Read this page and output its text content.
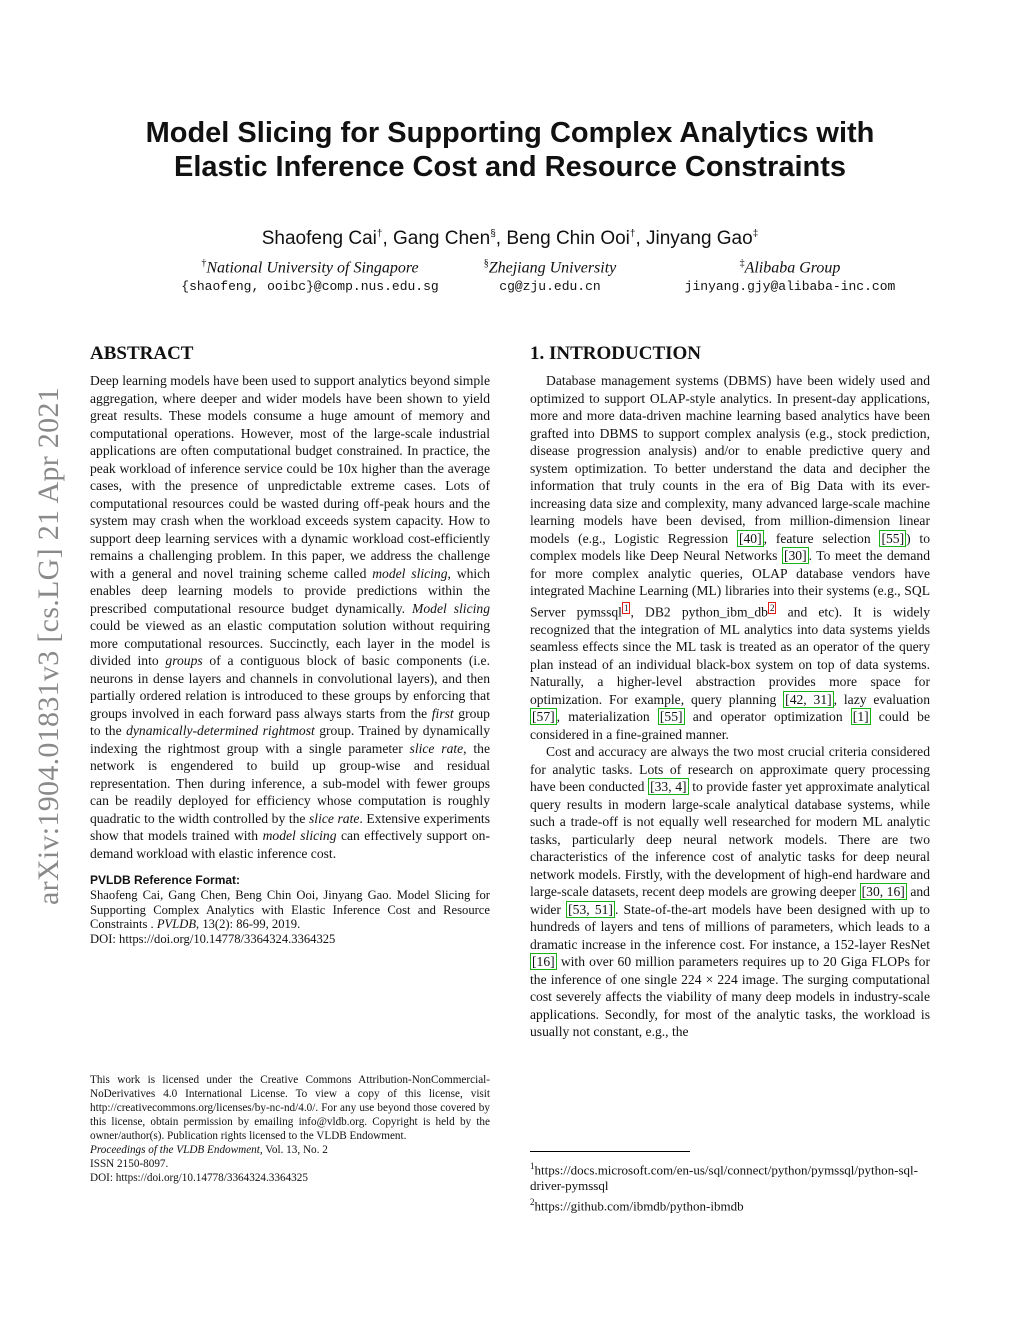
arXiv:1904.01831v3 [cs.LG] 21 Apr 2021
Model Slicing for Supporting Complex Analytics with
Elastic Inference Cost and Resource Constraints
Shaofeng Cai†, Gang Chen§, Beng Chin Ooi†, Jinyang Gao‡
†National University of Singapore
{shaofeng, ooibc}@comp.nus.edu.sg
§Zhejiang University
cg@zju.edu.cn
‡Alibaba Group
jinyang.gjy@alibaba-inc.com
ABSTRACT

Deep learning models have been used to support analytics beyond simple aggregation, where deeper and wider models have been shown to yield great results. These models consume a huge amount of memory and computational operations. However, most of the large-scale industrial applications are often computational budget constrained. In practice, the peak workload of inference service could be 10x higher than the average cases, with the presence of unpredictable extreme cases. Lots of computational resources could be wasted during off-peak hours and the system may crash when the workload exceeds system capacity. How to support deep learning services with a dynamic workload cost-efficiently remains a challenging problem. In this paper, we address the challenge with a general and novel training scheme called model slicing, which enables deep learning models to provide predictions within the prescribed computational resource budget dynamically. Model slicing could be viewed as an elastic computation solution without requiring more computational resources. Succinctly, each layer in the model is divided into groups of a contiguous block of basic components (i.e. neurons in dense layers and channels in convolutional layers), and then partially ordered relation is introduced to these groups by enforcing that groups involved in each forward pass always starts from the first group to the dynamically-determined rightmost group. Trained by dynamically indexing the rightmost group with a single parameter slice rate, the network is engendered to build up group-wise and residual representation. Then during inference, a sub-model with fewer groups can be readily deployed for efficiency whose computation is roughly quadratic to the width controlled by the slice rate. Extensive experiments show that models trained with model slicing can effectively support on-demand workload with elastic inference cost.

PVLDB Reference Format:
Shaofeng Cai, Gang Chen, Beng Chin Ooi, Jinyang Gao. Model Slicing for Supporting Complex Analytics with Elastic Inference Cost and Resource Constraints . PVLDB, 13(2): 86-99, 2019.
DOI: https://doi.org/10.14778/3364324.3364325
This work is licensed under the Creative Commons Attribution-NonCommercial-NoDerivatives 4.0 International License. To view a copy of this license, visit http://creativecommons.org/licenses/by-nc-nd/4.0/. For any use beyond those covered by this license, obtain permission by emailing info@vldb.org. Copyright is held by the owner/author(s). Publication rights licensed to the VLDB Endowment.
Proceedings of the VLDB Endowment, Vol. 13, No. 2
ISSN 2150-8097.
DOI: https://doi.org/10.14778/3364324.3364325
1. INTRODUCTION

Database management systems (DBMS) have been widely used and optimized to support OLAP-style analytics. In present-day applications, more and more data-driven machine learning based analytics have been grafted into DBMS to support complex analysis (e.g., stock prediction, disease progression analysis) and/or to enable predictive query and system optimization. To better understand the data and decipher the information that truly counts in the era of Big Data with its ever-increasing data size and complexity, many advanced large-scale machine learning models have been devised, from million-dimension linear models (e.g., Logistic Regression [40] , feature selection [55] ) to complex models like Deep Neural Networks [30] . To meet the demand for more complex analytic queries, OLAP database vendors have integrated Machine Learning (ML) libraries into their systems (e.g., SQL Server pymssql $^1$ , DB2 python_ibm_db $^2$ and etc). It is widely recognized that the integration of ML analytics into data systems yields seamless effects since the ML task is treated as an operator of the query plan instead of an individual black-box system on top of data systems. Naturally, a higher-level abstraction provides more space for optimization. For example, query planning [42, 31] , lazy evaluation [57] , materialization [55] and operator optimization [1] could be considered in a fine-grained manner.

Cost and accuracy are always the two most crucial criteria considered for analytic tasks. Lots of research on approximate query processing have been conducted [33, 4] to provide faster yet approximate analytical query results in modern large-scale analytical database systems, while such a trade-off is not equally well researched for modern ML analytic tasks, particularly deep neural network models. There are two characteristics of the inference cost of analytic tasks for deep neural network models. Firstly, with the development of high-end hardware and large-scale datasets, recent deep models are growing deeper [30, 16] and wider [53, 51] . State-of-the-art models have been designed with up to hundreds of layers and tens of millions of parameters, which leads to a dramatic increase in the inference cost. For instance, a 152-layer ResNet [16] with over 60 million parameters requires up to 20 Giga FLOPs for the inference of one single 224 × 224 image. The surging computational cost severely affects the viability of many deep models in industry-scale applications. Secondly, for most of the analytic tasks, the workload is usually not constant, e.g., the

$^1$https://docs.microsoft.com/en-us/sql/connect/python/pymssql/python-sql-driver-pymssql
$^2$https://github.com/ibmdb/python-ibmdb
